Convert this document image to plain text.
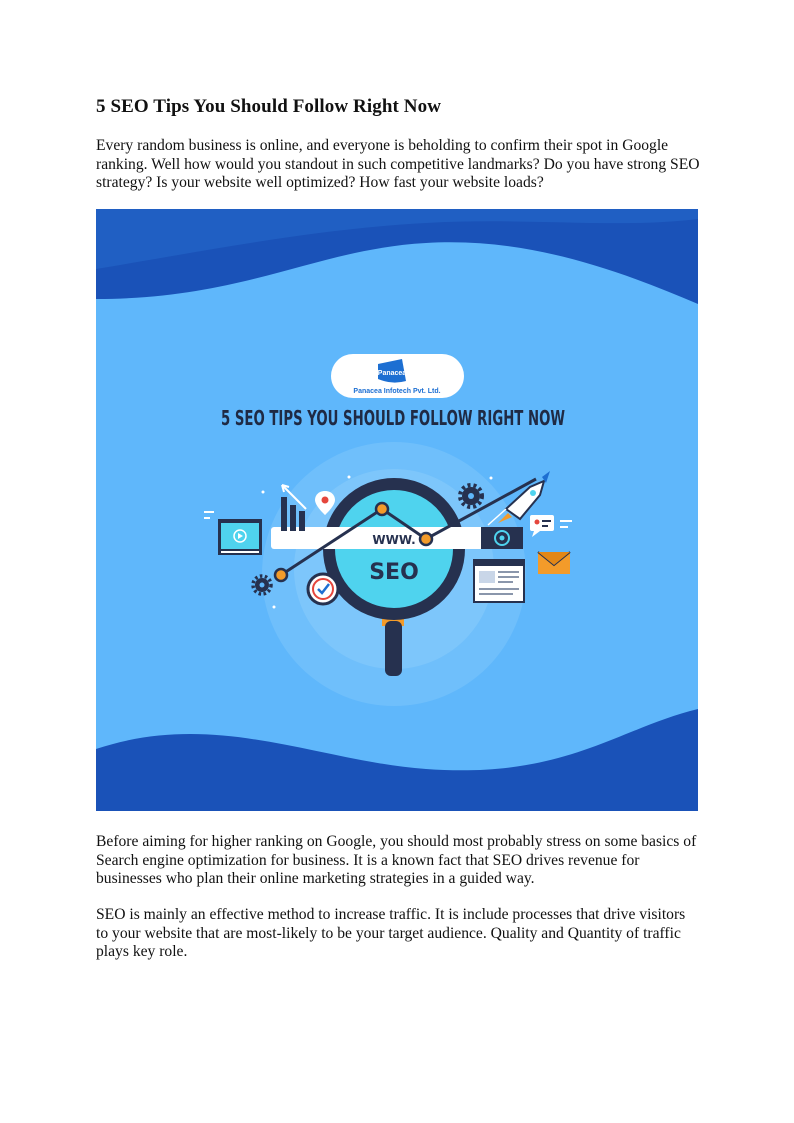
5 SEO Tips You Should Follow Right Now

Every random business is online, and everyone is beholding to confirm their spot in Google ranking. Well how would you standout in such competitive landmarks? Do you have strong SEO strategy? Is your website well optimized? How fast your website loads?

Panacea
Panacea Infotech Pvt. Ltd.
5 SEO TIPS YOU SHOULD FOLLOW RIGHT NOW
SEO
WWW.

Before aiming for higher ranking on Google, you should most probably stress on some basics of Search engine optimization for business. It is a known fact that SEO drives revenue for businesses who plan their online marketing strategies in a guided way.

SEO is mainly an effective method to increase traffic. It is include processes that drive visitors to your website that are most-likely to be your target audience. Quality and Quantity of traffic plays key role.
